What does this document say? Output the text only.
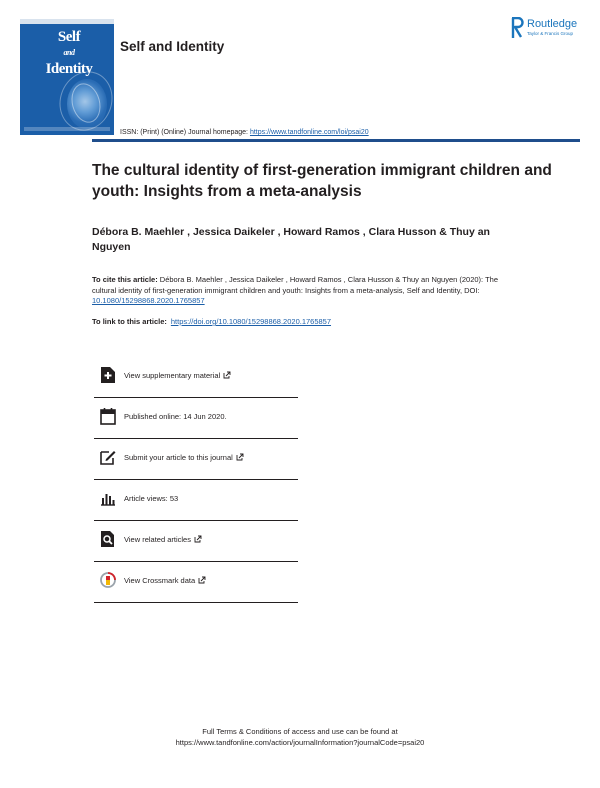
Self
and
Identity
Self and Identity
Routledge
Taylor & Francis Group
ISSN: (Print) (Online) Journal homepage: https://www.tandfonline.com/loi/psai20
The cultural identity of first-generation immigrant children and youth: Insights from a meta-analysis
Débora B. Maehler , Jessica Daikeler , Howard Ramos , Clara Husson & Thuy an Nguyen
To cite this article: Débora B. Maehler , Jessica Daikeler , Howard Ramos , Clara Husson & Thuy an Nguyen (2020): The cultural identity of first-generation immigrant children and youth: Insights from a meta-analysis, Self and Identity, DOI: 10.1080/15298868.2020.1765857
To link to this article: https://doi.org/10.1080/15298868.2020.1765857
View supplementary material
Published online: 14 Jun 2020.
Submit your article to this journal
Article views: 53
View related articles
View Crossmark data
Full Terms & Conditions of access and use can be found at
https://www.tandfonline.com/action/journalInformation?journalCode=psai20
